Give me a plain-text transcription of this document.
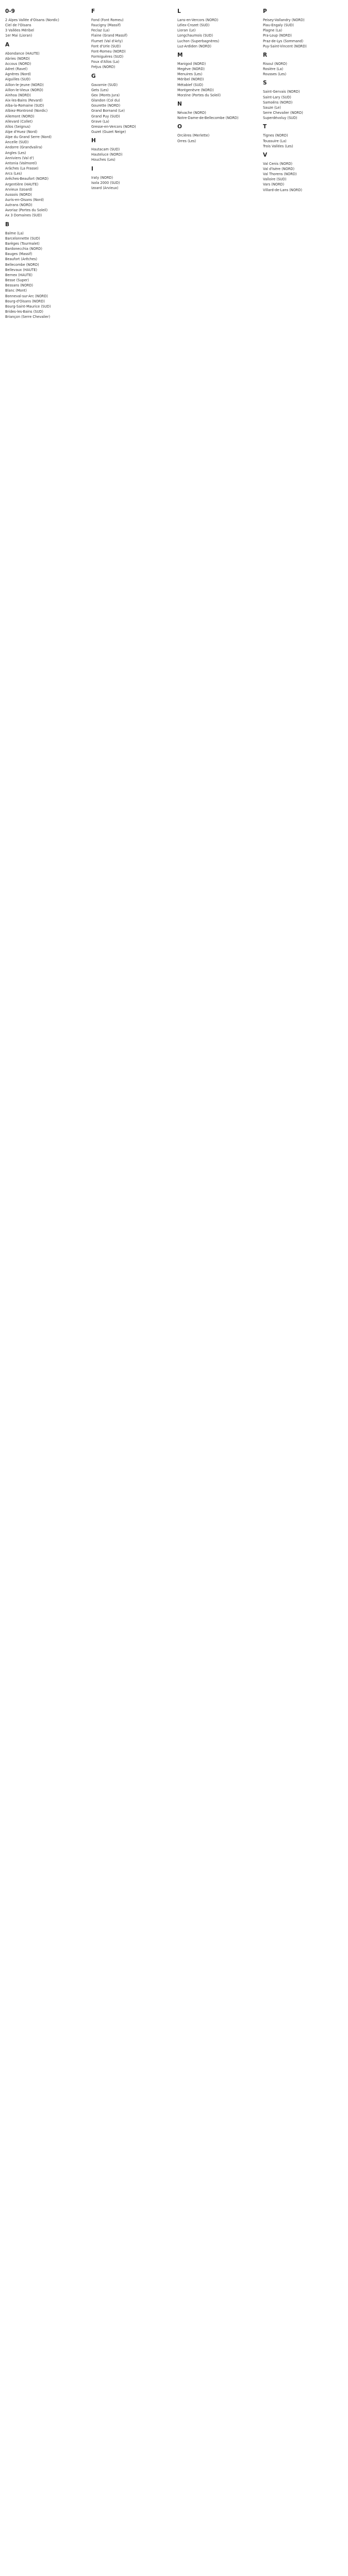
0-9
2 Alpes Vallée d'Oisans (Nordic)
Ciel de l'Oisans
3 Vallées Méribel
1er Mai (Lioran)
A
Abondance (HAUTE)
Abries (NORD)
Accous (NORD)
Adret (Ravel)
Agnères (Nord)
Aiguilles (SUD)
Aillon-le-Jeune (NORD)
Aillon-le-Vieux (NORD)
Ainhoa (NORD)
Aix-les-Bains (Revard)
Alba-la-Romaine (SUD)
Albiez-Montrond (Nordic)
Allemont (NORD)
Allevard (Collet)
Allos (Seignus)
Alpe d'Huez (Nord)
Alpe du Grand Serre (Nord)
Ancelle (SUD)
Andorre (Grandvalira)
Angles (Les)
Anniviers (Val d')
Antonia (Valmorel)
Arâches (La Frasse)
Arcs (Les)
Arêches-Beaufort (NORD)
Argentière (HAUTE)
Arvieux (Izoard)
Aussois (NORD)
Auris-en-Oisans (Nord)
Autrans (NORD)
Avoriaz (Portes du Soleil)
Ax 3 Domaines (SUD)
B
Balme (La)
Barcelonnette (SUD)
Barèges (Tourmalet)
Bardonecchia (NORD)
Bauges (Massif)
Beaufort (Arêches)
Bellecombe (NORD)
Bellevaux (HAUTE)
Bernex (HAUTE)
Besse (Super)
Bessans (NORD)
Blanc (Mont)
Bonneval-sur-Arc (NORD)
Bourg-d'Oisans (NORD)
Bourg-Saint-Maurice (SUD)
Brides-les-Bains (SUD)
Briançon (Serre Chevalier)
F
Fond (Font Romeu)
Faucigny (Massif)
Feclaz (La)
Flaine (Grand Massif)
Flumet (Val d'Arly)
Font d'Urle (SUD)
Font-Romeu (NORD)
Formiguères (SUD)
Foux d'Allos (La)
Fréjus (NORD)
G
Gavarnie (SUD)
Gets (Les)
Gex (Monts Jura)
Glandon (Col du)
Gourette (NORD)
Grand Bornand (Le)
Grand Puy (SUD)
Grave (La)
Gresse-en-Vercors (NORD)
Guzet (Guzet Neige)
H
Hautacam (SUD)
Hauteluce (NORD)
Houches (Les)
I
Iraty (NORD)
Isola 2000 (SUD)
Izoard (Arvieux)
L
Lans-en-Vercors (NORD)
Lélex-Crozet (SUD)
Lioran (Le)
Longchaumois (SUD)
Luchon (Superbagnères)
Luz-Ardiden (NORD)
M
Manigod (NORD)
Megève (NORD)
Menuires (Les)
Méribel (NORD)
Métabief (SUD)
Montgenèvre (NORD)
Morzine (Portes du Soleil)
N
Névache (NORD)
Notre-Dame-de-Bellecombe (NORD)
O
Orcières (Merlette)
Orres (Les)
P
Peisey-Vallandry (NORD)
Piau-Engaly (SUD)
Plagne (La)
Pra-Loup (NORD)
Praz-de-Lys (Sommand)
Puy-Saint-Vincent (NORD)
R
Risoul (NORD)
Rosière (La)
Rousses (Les)
S
Saint-Gervais (NORD)
Saint-Lary (SUD)
Samoëns (NORD)
Sauze (Le)
Serre Chevalier (NORD)
Superdévoluy (SUD)
T
Tignes (NORD)
Toussuire (La)
Trois Vallées (Les)
V
Val Cenis (NORD)
Val d'Isère (NORD)
Val Thorens (NORD)
Valloire (SUD)
Vars (NORD)
Villard-de-Lans (NORD)
